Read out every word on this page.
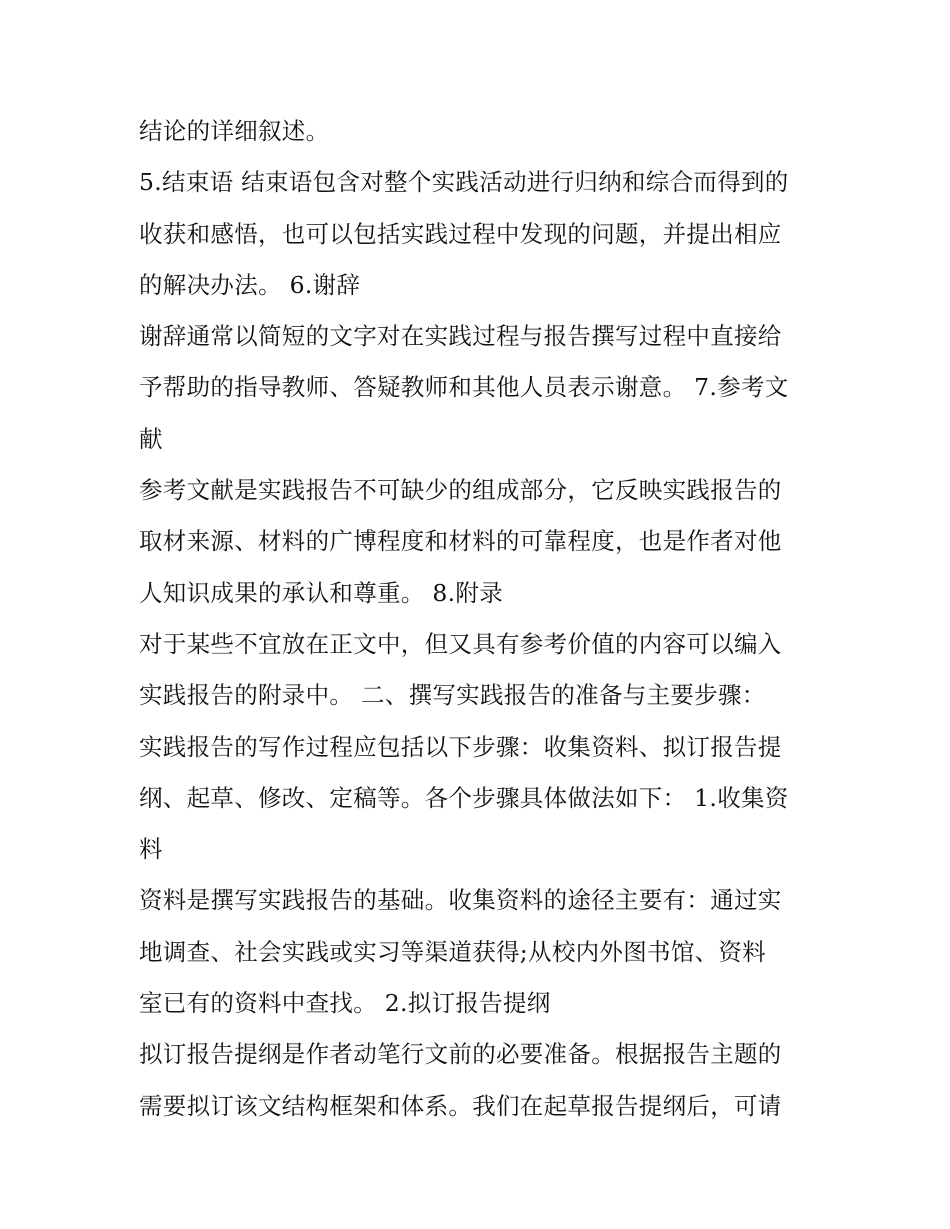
结论的详细叙述。
5.结束语 结束语包含对整个实践活动进行归纳和综合而得到的
收获和感悟，也可以包括实践过程中发现的问题，并提出相应
的解决办法。 6.谢辞
谢辞通常以简短的文字对在实践过程与报告撰写过程中直接给
予帮助的指导教师、答疑教师和其他人员表示谢意。 7.参考文
献
参考文献是实践报告不可缺少的组成部分，它反映实践报告的
取材来源、材料的广博程度和材料的可靠程度，也是作者对他
人知识成果的承认和尊重。 8.附录
对于某些不宜放在正文中，但又具有参考价值的内容可以编入
实践报告的附录中。 二、撰写实践报告的准备与主要步骤：
实践报告的写作过程应包括以下步骤：收集资料、拟订报告提
纲、起草、修改、定稿等。各个步骤具体做法如下： 1.收集资
料
资料是撰写实践报告的基础。收集资料的途径主要有：通过实
地调查、社会实践或实习等渠道获得;从校内外图书馆、资料
室已有的资料中查找。 2.拟订报告提纲
拟订报告提纲是作者动笔行文前的必要准备。根据报告主题的
需要拟订该文结构框架和体系。我们在起草报告提纲后，可请
